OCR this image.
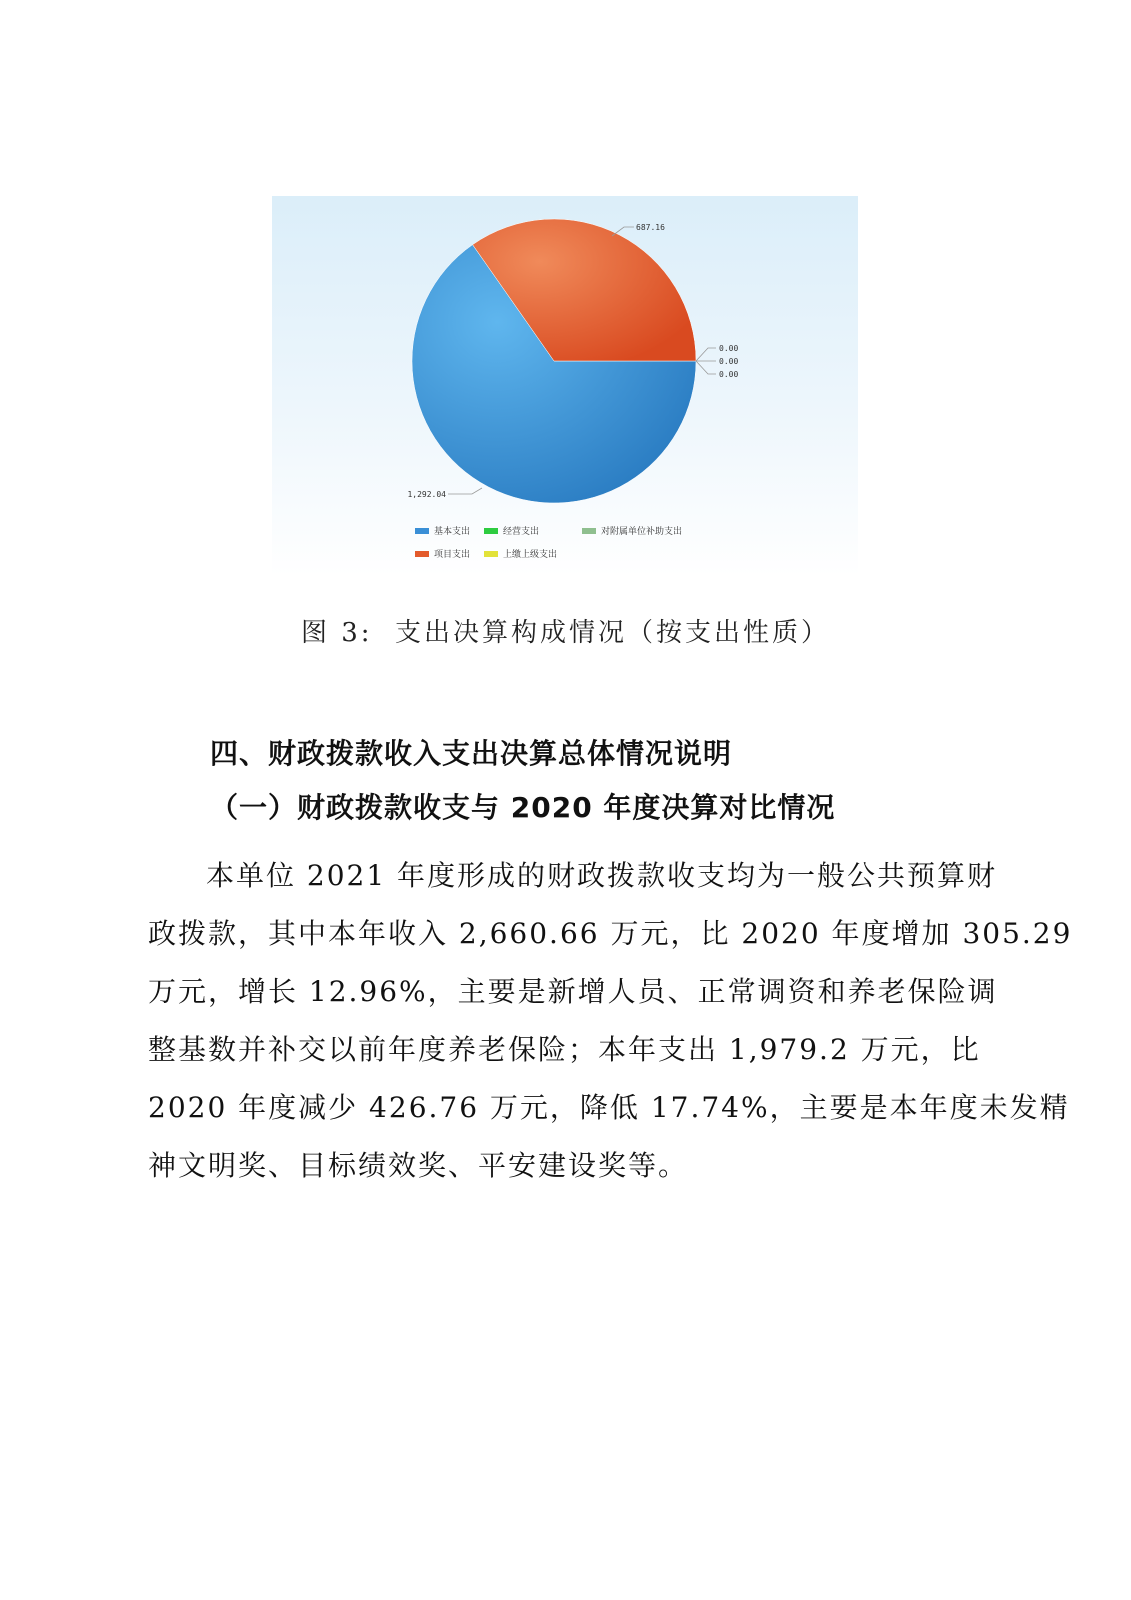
1,292.04
687.16
0.00
0.00
0.00
基本支出	经营支出	对附属单位补助支出
项目支出	上缴上级支出
图 3: 支出决算构成情况（按支出性质）
四、财政拨款收入支出决算总体情况说明
（一）财政拨款收支与 2020 年度决算对比情况
本单位 2021 年度形成的财政拨款收支均为一般公共预算财
政拨款，其中本年收入 2,660.66 万元，比 2020 年度增加 305.29
万元，增长 12.96%，主要是新增人员、正常调资和养老保险调
整基数并补交以前年度养老保险；本年支出 1,979.2 万元，比
2020 年度减少 426.76 万元，降低 17.74%，主要是本年度未发精
神文明奖、目标绩效奖、平安建设奖等。
